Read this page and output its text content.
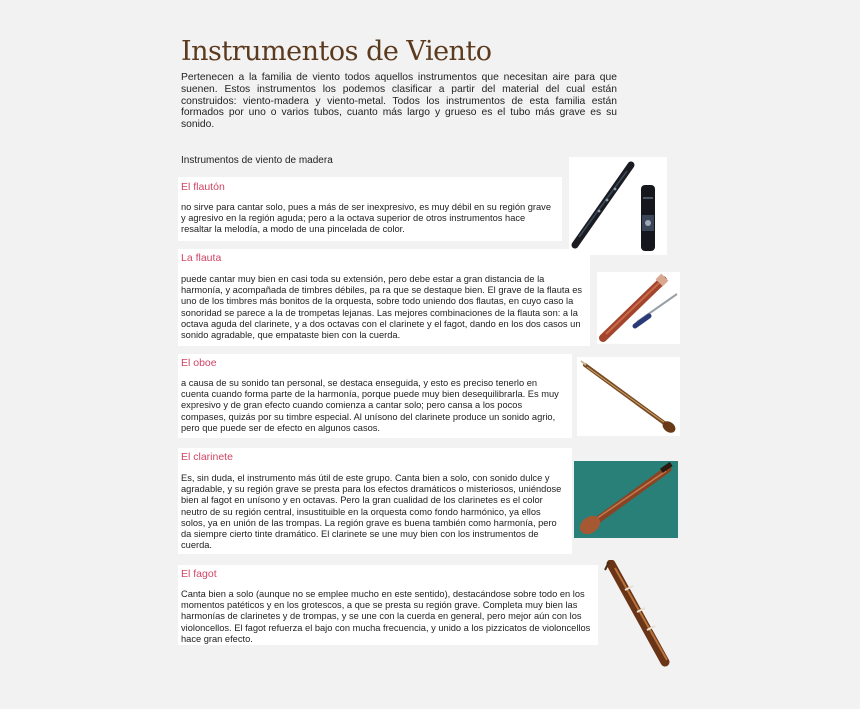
Instrumentos de Viento

Pertenecen a la familia de viento todos aquellos instrumentos que necesitan aire para que suenen. Estos instrumentos los podemos clasificar a partir del material del cual están construidos: viento-madera y viento-metal. Todos los instrumentos de esta familia están formados por uno o varios tubos, cuanto más largo y grueso es el tubo más grave es su sonido.

Instrumentos de viento de madera
El flautón
no sirve para cantar solo, pues a más de ser inexpresivo, es muy débil en su región grave y agresivo en la región aguda; pero a la octava superior de otros instrumentos hace resaltar la melodía, a modo de una pincelada de color.
La flauta
puede cantar muy bien en casi toda su extensión, pero debe estar a gran distancia de la harmonía, y acompañada de timbres débiles, pa ra que se destaque bien. El grave de la flauta es uno de los timbres más bonitos de la orquesta, sobre todo uniendo dos flautas, en cuyo caso la sonoridad se parece a la de trompetas lejanas. Las mejores combinaciones de la flauta son: a la octava aguda del clarinete, y a dos octavas con el clarinete y el fagot, dando en los dos casos un sonido agradable, que empataste bien con la cuerda.
El oboe
a causa de su sonido tan personal, se destaca enseguida, y esto es preciso tenerlo en cuenta cuando forma parte de la harmonía, porque puede muy bien desequilibrarla. Es muy expresivo y de gran efecto cuando comienza a cantar solo; pero cansa a los pocos compases, quizás por su timbre especial. Al unísono del clarinete produce un sonido agrio, pero que puede ser de efecto en algunos casos.
El clarinete
Es, sin duda, el instrumento más útil de este grupo. Canta bien a solo, con sonido dulce y agradable, y su región grave se presta para los efectos dramáticos o misteriosos, uniéndose bien al fagot en unísono y en octavas. Pero la gran cualidad de los clarinetes es el color neutro de su región central, insustituible en la orquesta como fondo harmónico, ya ellos solos, ya en unión de las trompas. La región grave es buena también como harmonía, pero da siempre cierto tinte dramático. El clarinete se une muy bien con los instrumentos de cuerda.
El fagot
Canta bien a solo (aunque no se emplee mucho en este sentido), destacándose sobre todo en los momentos patéticos y en los grotescos, a que se presta su región grave. Completa muy bien las harmonías de clarinetes y de trompas, y se une con la cuerda en general, pero mejor aún con los violoncellos. El fagot refuerza el bajo con mucha frecuencia, y unido a los pizzicatos de violoncellos hace gran efecto.
